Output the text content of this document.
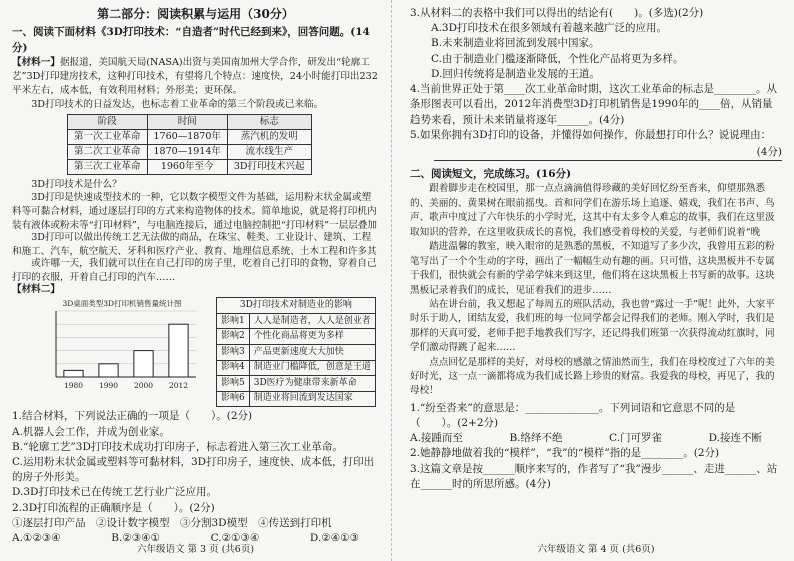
第二部分：阅读积累与运用（30分）

一、阅读下面材料《3D打印技术：“自造者”时代已经到来》，回答问题。(14分)

【材料一】据报道，美国航天局(NASA)出资与美国南加州大学合作，研发出“轮廓工艺”3D打印建房技术，这种打印技术，有望将几个特点：速度快，24小时能打印出232平米左右，成本低，有效利用材料；外形美；更环保。

3D打印技术的日益发达，也标志着工业革命的第三个阶段或已来临。

阶段	时间	标志
第一次工业革命	1760—1870年	蒸汽机的发明
第二次工业革命	1870—1914年	流水线生产
第三次工业革命	1960年至今	3D打印技术兴起

3D打印技术是什么？

3D打印是快速成型技术的一种，它以数字模型文件为基础，运用粉末状金属或塑料等可黏合材料，通过逐层打印的方式来构造物体的技术。简单地说，就是将打印机内装有液体或粉末等“打印材料”，与电脑连接后，通过电脑控制把“打印材料”一层层叠加

3D打印可以做出传统工艺无法做的商品，在珠宝、鞋类、工业设计、建筑、工程和施工、汽车，航空航天、牙科和医疗产业、教育、地理信息系统、土木工程和许多其

或许哪一天，我们就可以住在自己打印的房子里，吃着自己打印的食物，穿着自己打印的衣服，开着自己打印的汽车……

【材料二】

3D桌面类型3D打印机销售量统计图
1980 1990 2000 2012
3D打印技术对制造业的影响	
影响1	人人是制造者，人人是创业者
影响2	个性化商品将更为多样
影响3	产品更新速度大大加快
影响4	制造业门槛降低，创意是王道
影响5	3D医疗为健康带来新革命
影响6	制造业将回流到发达国家

1.结合材料，下列说法正确的一项是（　　）。(2分)

A.机器人会工作，并成为创业家。

B.“轮廓工艺”3D打印技术成功打印房子，标志着进入第三次工业革命。

C.运用粉末状金属或塑料等可黏材料，3D打印房子，速度快、成本低，打印出的房子外形美。

D.3D打印技术已在传统工艺行业广泛应用。

2.3D打印流程的正确顺序是（　　）。(2分)

①逐层打印产品　②设计数字模型　③分割3D模型　④传送到打印机

A.①②③④	B.②③④①	C.②①③④	D.②④①③
六年级语文 第 3 页 (共6页)

3.从材料二的表格中我们可以得出的结论有(　　)。(多选)(2分)

A.3D打印技术在很多领域有着越来越广泛的应用。

B.未来制造业将回流到发展中国家。

C.由于制造业门槛逐渐降低，个性化产品将更为多样。

D.回归传统将是制造业发展的王道。

4.当前世界正处于第____次工业革命时期，这次工业革命的标志是________。从条形图表可以看出，2012年消费型3D打印机销售是1990年的____倍，从销量趋势来看，预计未来销量将逐年______。(4分)

5.如果你拥有3D打印的设备，并懂得如何操作，你最想打印什么？说说理由：

(4分)

二、阅读短文，完成练习。(16分)

跟着脚步走在校园里，那一点点滴滴值得珍藏的美好回忆纷至沓来，仰望那熟悉的、美丽的、黄果树在眼前摇曳。首和同学们在游乐场上追逐、嬉戏，我们在书声、鸟声、歌声中度过了六年快乐的小学时光，这其中有太多令人难忘的故事，我们在这里汲取知识的营养，在这里收获成长的喜悦，我们感受着母校的关爱，与老师们说着“晚

踏进温馨的教室，映入眼帘的是熟悉的黑板，不知道写了多少次，我曾用五彩的粉笔写出了一个个生动的字母，画出了一幅幅生动有趣的画。只可惜，这块黑板并不专属于我们，很快就会有新的学弟学妹来到这里，他们将在这块黑板上书写新的故事。这块黑板记录着我们的成长，见证着我们的进步……

站在讲台前，我又想起了每周五的班队活动，我也曾“露过一手”呢！此外，大家平时乐于助人，团结友爱，我们班的每一位同学都会记得我们的老师。刚入学时，我们是那样的天真可爱，老师手把手地教我们写字，还记得我们班第一次获得流动红旗时，同学们激动得跳了起来……

点点回忆是那样的美好，对母校的感激之情油然而生，我们在母校度过了六年的美好时光，这一点一滴都将成为我们成长路上珍贵的财富。我爱我的母校，再见了，我的母校！

1.“纷至沓来”的意思是：______________。下列词语和它意思不同的是（　　）。(2+2分)

A.接踵而至	B.络绎不绝	C.门可罗雀	D.接连不断

2.她静静地做着我的“模样”，“我”的“模样”指的是________。(2分)

3.这篇文章是按______顺序来写的，作者写了“我”漫步______、走进______、站在______时的所思所感。(4分)

六年级语文 第 4 页 (共6页)
